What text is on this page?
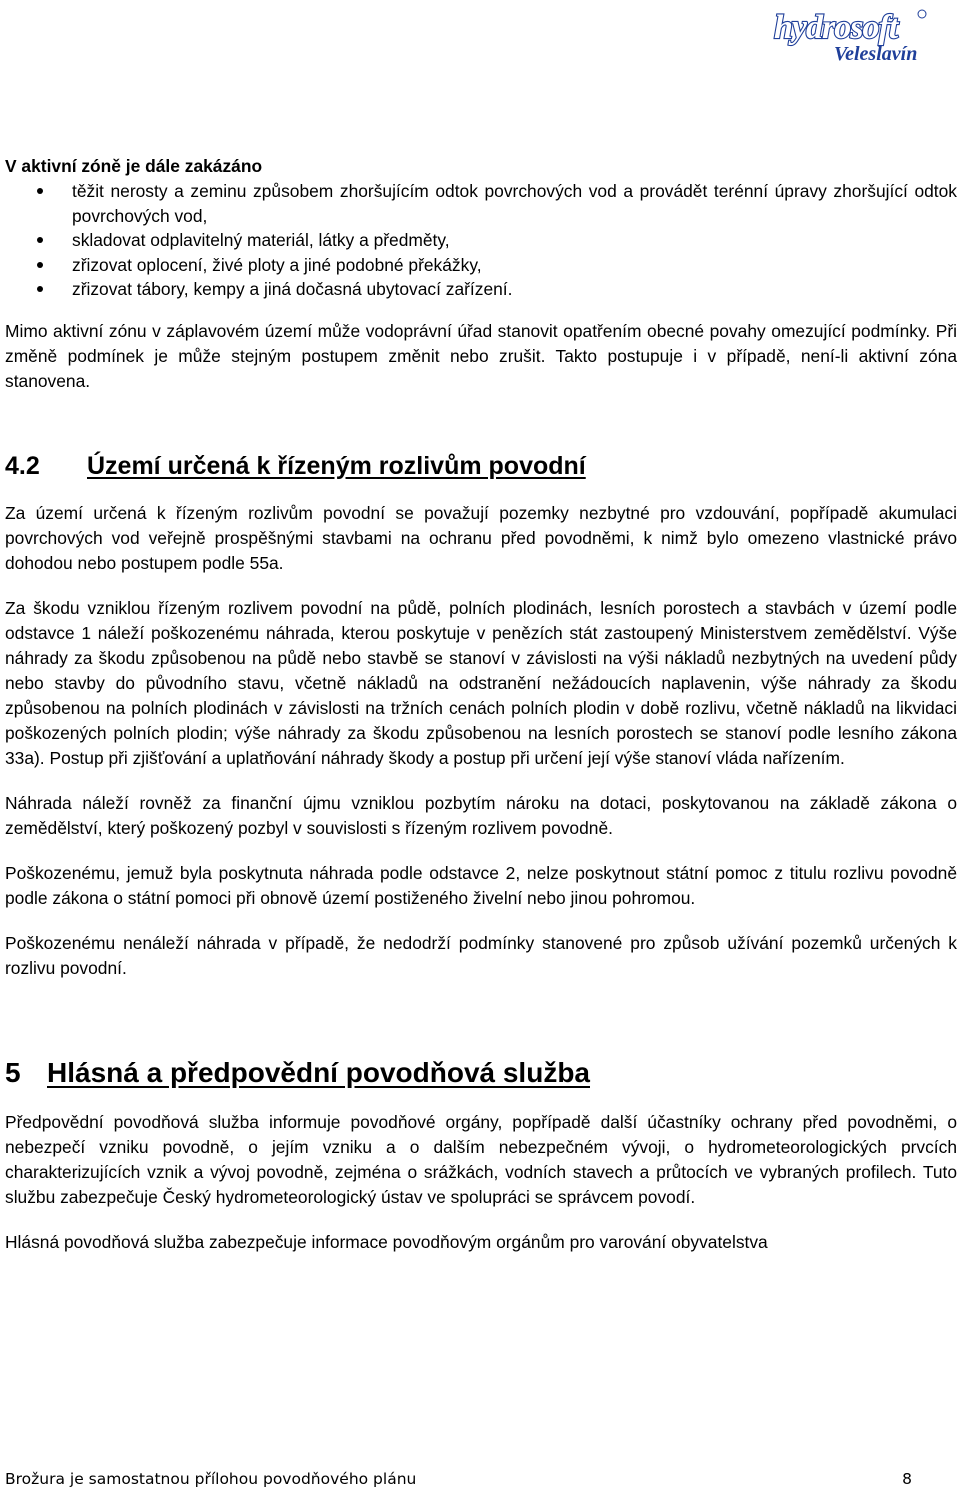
hydrosoft
Veleslavín

V aktivní zóně je dále zakázáno

těžit nerosty a zeminu způsobem zhoršujícím odtok povrchových vod a provádět terénní úpravy zhoršující odtok povrchových vod,
skladovat odplavitelný materiál, látky a předměty,
zřizovat oplocení, živé ploty a jiné podobné překážky,
zřizovat tábory, kempy a jiná dočasná ubytovací zařízení.

Mimo aktivní zónu v záplavovém území může vodoprávní úřad stanovit opatřením obecné povahy omezující podmínky. Při změně podmínek je může stejným postupem změnit nebo zrušit. Takto postupuje i v případě, není-li aktivní zóna stanovena.

4.2	Území určená k řízeným rozlivům povodní

Za území určená k řízeným rozlivům povodní se považují pozemky nezbytné pro vzdouvání, popřípadě akumulaci povrchových vod veřejně prospěšnými stavbami na ochranu před povodněmi, k nimž bylo omezeno vlastnické právo dohodou nebo postupem podle 55a.

Za škodu vzniklou řízeným rozlivem povodní na půdě, polních plodinách, lesních porostech a stavbách v území podle odstavce 1 náleží poškozenému náhrada, kterou poskytuje v penězích stát zastoupený Ministerstvem zemědělství. Výše náhrady za škodu způsobenou na půdě nebo stavbě se stanoví v závislosti na výši nákladů nezbytných na uvedení půdy nebo stavby do původního stavu, včetně nákladů na odstranění nežádoucích naplavenin, výše náhrady za škodu způsobenou na polních plodinách v závislosti na tržních cenách polních plodin v době rozlivu, včetně nákladů na likvidaci poškozených polních plodin; výše náhrady za škodu způsobenou na lesních porostech se stanoví podle lesního zákona 33a). Postup při zjišťování a uplatňování náhrady škody a postup při určení její výše stanoví vláda nařízením.

Náhrada náleží rovněž za finanční újmu vzniklou pozbytím nároku na dotaci, poskytovanou na základě zákona o zemědělství, který poškozený pozbyl v souvislosti s řízeným rozlivem povodně.

Poškozenému, jemuž byla poskytnuta náhrada podle odstavce 2, nelze poskytnout státní pomoc z titulu rozlivu povodně podle zákona o státní pomoci při obnově území postiženého živelní nebo jinou pohromou.

Poškozenému nenáleží náhrada v případě, že nedodrží podmínky stanovené pro způsob užívání pozemků určených k rozlivu povodní.

5 Hlásná a předpovědní povodňová služba

Předpovědní povodňová služba informuje povodňové orgány, popřípadě další účastníky ochrany před povodněmi, o nebezpečí vzniku povodně, o jejím vzniku a o dalším nebezpečném vývoji, o hydrometeorologických prvcích charakterizujících vznik a vývoj povodně, zejména o srážkách, vodních stavech a průtocích ve vybraných profilech. Tuto službu zabezpečuje Český hydrometeorologický ústav ve spolupráci se správcem povodí.

Hlásná povodňová služba zabezpečuje informace povodňovým orgánům pro varování obyvatelstva

Brožura je samostatnou přílohou povodňového plánu	8
